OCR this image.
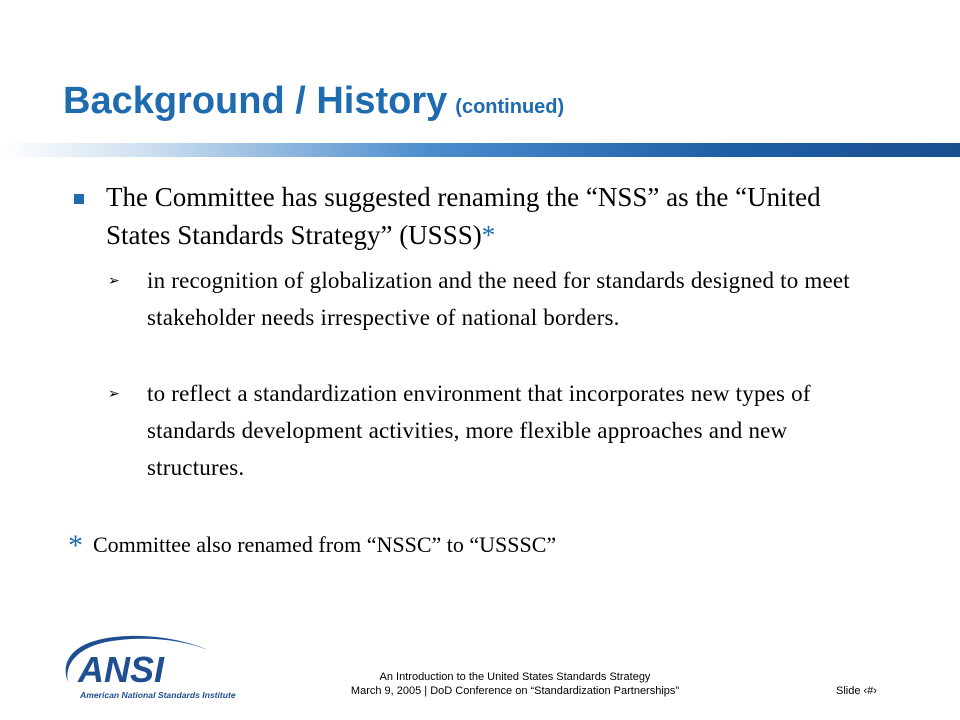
Background / History (continued)
The Committee has suggested renaming the “NSS” as the “United States Standards Strategy” (USSS)*
➢ in recognition of globalization and the need for standards designed to meet stakeholder needs irrespective of national borders.
➢ to reflect a standardization environment that incorporates new types of standards development activities, more flexible approaches and new structures.
* Committee also renamed from “NSSC” to “USSSC”
ANSI
American National Standards Institute
An Introduction to the United States Standards Strategy
March 9, 2005 | DoD Conference on “Standardization Partnerships”	Slide ‹#›
